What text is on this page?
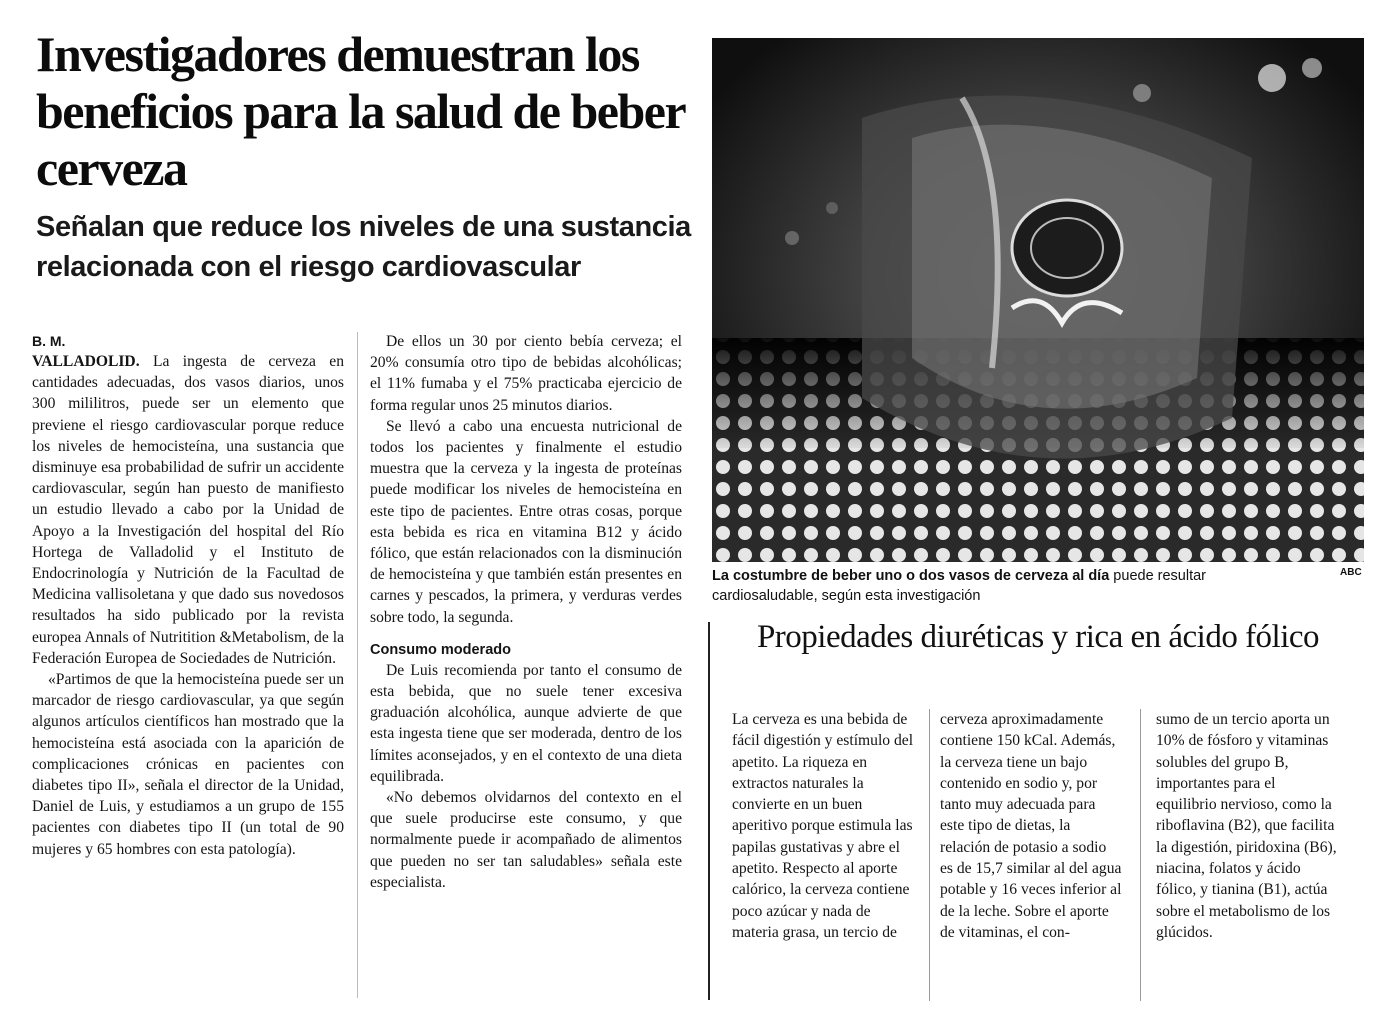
Investigadores demuestran los beneficios para la salud de beber cerveza
Señalan que reduce los niveles de una sustancia relacionada con el riesgo cardiovascular

B. M.

VALLADOLID. La ingesta de cerveza en cantidades adecuadas, dos vasos diarios, unos 300 mililitros, puede ser un elemento que previene el riesgo cardiovascular porque reduce los niveles de hemocisteína, una sustancia que disminuye esa probabilidad de sufrir un accidente cardiovascular, según han puesto de manifiesto un estudio llevado a cabo por la Unidad de Apoyo a la Investigación del hospital del Río Hortega de Valladolid y el Instituto de Endocrinología y Nutrición de la Facultad de Medicina vallisoletana y que dado sus novedosos resultados ha sido publicado por la revista europea Annals of Nutritition &Metabolism, de la Federación Europea de Sociedades de Nutrición.

«Partimos de que la hemocisteína puede ser un marcador de riesgo cardiovascular, ya que según algunos artículos científicos han mostrado que la hemocisteína está asociada con la aparición de complicaciones crónicas en pacientes con diabetes tipo II», señala el director de la Unidad, Daniel de Luis, y estudiamos a un grupo de 155 pacientes con diabetes tipo II (un total de 90 mujeres y 65 hombres con esta patología).

De ellos un 30 por ciento bebía cerveza; el 20% consumía otro tipo de bebidas alcohólicas; el 11% fumaba y el 75% practicaba ejercicio de forma regular unos 25 minutos diarios.

Se llevó a cabo una encuesta nutricional de todos los pacientes y finalmente el estudio muestra que la cerveza y la ingesta de proteínas puede modificar los niveles de hemocisteína en este tipo de pacientes. Entre otras cosas, porque esta bebida es rica en vitamina B12 y ácido fólico, que están relacionados con la disminución de hemocisteína y que también están presentes en carnes y pescados, la primera, y verduras verdes sobre todo, la segunda.

Consumo moderado

De Luis recomienda por tanto el consumo de esta bebida, que no suele tener excesiva graduación alcohólica, aunque advierte de que esta ingesta tiene que ser moderada, dentro de los límites aconsejados, y en el contexto de una dieta equilibrada.

«No debemos olvidarnos del contexto en el que suele producirse este consumo, y que normalmente puede ir acompañado de alimentos que pueden no ser tan saludables» señala este especialista.

La costumbre de beber uno o dos vasos de cerveza al día puede resultar cardiosaludable, según esta investigación
ABC
Propiedades diuréticas y rica en ácido fólico

La cerveza es una bebida de fácil digestión y estímulo del apetito. La riqueza en extractos naturales la convierte en un buen aperitivo porque estimula las papilas gustativas y abre el apetito. Respecto al aporte calórico, la cerveza contiene poco azúcar y nada de materia grasa, un tercio de

cerveza aproximadamente contiene 150 kCal. Además, la cerveza tiene un bajo contenido en sodio y, por tanto muy adecuada para este tipo de dietas, la relación de potasio a sodio es de 15,7 similar al del agua potable y 16 veces inferior al de la leche. Sobre el aporte de vitaminas, el con-

sumo de un tercio aporta un 10% de fósforo y vitaminas solubles del grupo B, importantes para el equilibrio nervioso, como la riboflavina (B2), que facilita la digestión, piridoxina (B6), niacina, folatos y ácido fólico, y tianina (B1), actúa sobre el metabolismo de los glúcidos.
